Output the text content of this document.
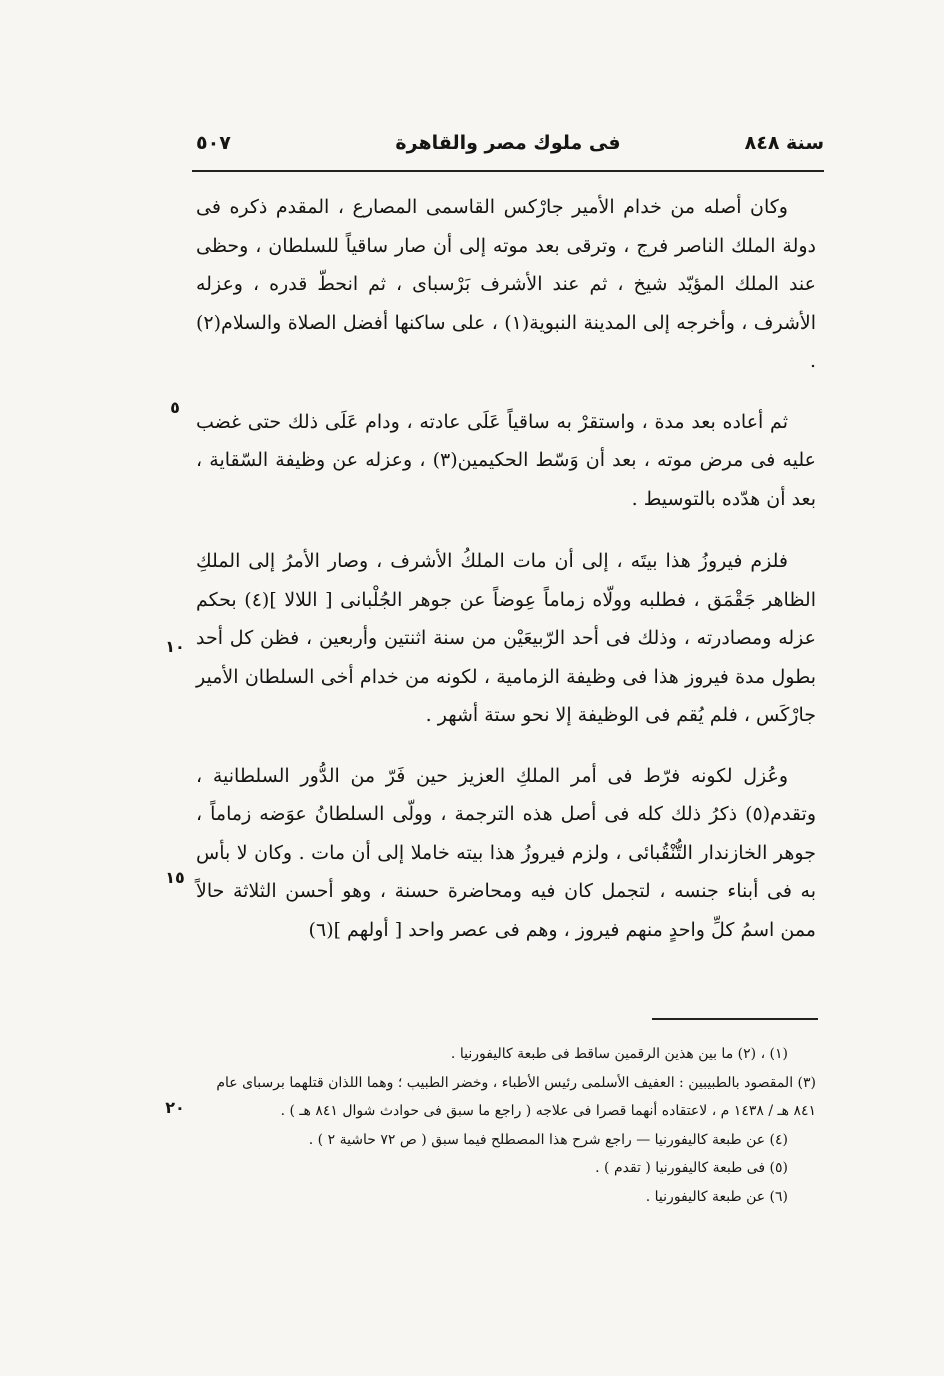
سنة ٨٤٨
فى ملوك مصر والقاهرة
٥٠٧
٥
١٠
١٥
٢٠

وكان أصله من خدام الأمير جارْكس القاسمى المصارع ، المقدم ذكره فى دولة الملك الناصر فرج ، وترقى بعد موته إلى أن صار ساقياً للسلطان ، وحظى عند الملك المؤيّد شيخ ، ثم عند الأشرف بَرْسباى ، ثم انحطّ قدره ، وعزله الأشرف ، وأخرجه إلى المدينة النبوية(١) ، على ساكنها أفضل الصلاة والسلام(٢) .

ثم أعاده بعد مدة ، واستقرْ به ساقياً عَلَى عادته ، ودام عَلَى ذلك حتى غضب عليه فى مرض موته ، بعد أن وَسّط الحكيمين(٣) ، وعزله عن وظيفة السّقاية ، بعد أن هدّده بالتوسيط .

فلزم فيروزُ هذا بيتَه ، إلى أن مات الملكُ الأشرف ، وصار الأمرُ إلى الملكِ الظاهر جَقْمَق ، فطلبه وولّاه زماماً عِوضاً عن جوهر الجُلْبانى [ اللالا ](٤) بحكم عزله ومصادرته ، وذلك فى أحد الرّبيعَيْن من سنة اثنتين وأربعين ، فظن كل أحد بطول مدة فيروز هذا فى وظيفة الزمامية ، لكونه من خدام أخى السلطان الأمير جارْكَس ، فلم يُقم فى الوظيفة إلا نحو ستة أشهر .

وعُزل لكونه فرّط فى أمر الملكِ العزيز حين فَرّ من الدُّور السلطانية ، وتقدم(٥) ذكرُ ذلك كله فى أصل هذه الترجمة ، وولّى السلطانُ عوَضه زماماً ، جوهر الخازندار التُّنْقُبائى ، ولزم فيروزُ هذا بيته خاملا إلى أن مات . وكان لا بأس به فى أبناء جنسه ، لتجمل كان فيه ومحاضرة حسنة ، وهو أحسن الثلاثة حالاً ممن اسمُ كلِّ واحدٍ منهم فيروز ، وهم فى عصر واحد [ أولهم ](٦)

(١) ، (٢) ما بين هذين الرقمين ساقط فى طبعة كاليفورنيا .

(٣) المقصود بالطبيبين : العفيف الأسلمى رئيس الأطباء ، وخضر الطبيب ؛ وهما اللذان قتلهما برسباى عام ٨٤١ هـ / ١٤٣٨ م ، لاعتقاده أنهما قصرا فى علاجه ( راجع ما سبق فى حوادث شوال ٨٤١ هـ ) .

(٤) عن طبعة كاليفورنيا — راجع شرح هذا المصطلح فيما سبق ( ص ٧٢ حاشية ٢ ) .

(٥) فى طبعة كاليفورنيا ( تقدم ) .

(٦) عن طبعة كاليفورنيا .
